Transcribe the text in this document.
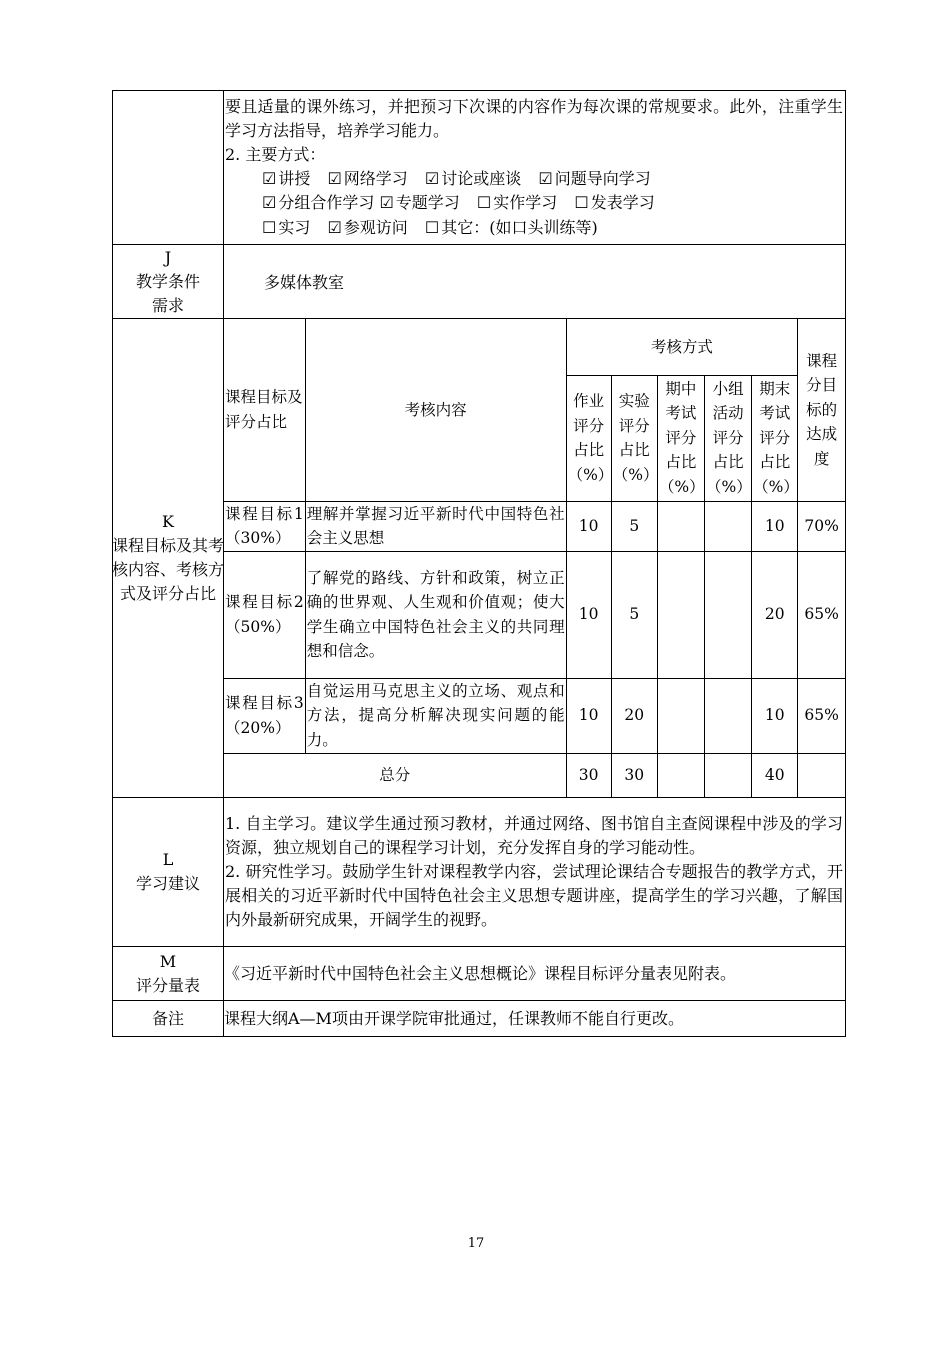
要且适量的课外练习，并把预习下次课的内容作为每次课的常规要求。此外，注重学生学习方法指导，培养学习能力。
2. 主要方式：
☑ 讲授 ☑ 网络学习 ☑ 讨论或座谈 ☑ 问题导向学习
☑ 分组合作学习 ☑ 专题学习 ☐ 实作学习 ☐ 发表学习
☐ 实习 ☑ 参观访问 ☐ 其它：(如口头训练等)

J
教学条件
需求
	多媒体教室

K
课程目标及其考核内容、考核方式及评分占比

课程目标及评分占比	考核内容	考核方式	课程分目标的达成度
作业评分占比（%）	实验评分占比（%）	期中考试评分占比（%）	小组活动评分占比（%）	期末考试评分占比（%）
课程目标1（30%）	理解并掌握习近平新时代中国特色社会主义思想	10	5			10	70%
课程目标2（50%）	了解党的路线、方针和政策，树立正确的世界观、人生观和价值观；使大学生确立中国特色社会主义的共同理想和信念。	10	5			20	65%
课程目标3（20%）	自觉运用马克思主义的立场、观点和方法，提高分析解决现实问题的能力。	10	20			10	65%
总分	30	30			40	

L
学习建议

1. 自主学习。建议学生通过预习教材，并通过网络、图书馆自主查阅课程中涉及的学习资源，独立规划自己的课程学习计划，充分发挥自身的学习能动性。
2. 研究性学习。鼓励学生针对课程教学内容，尝试理论课结合专题报告的教学方式，开展相关的习近平新时代中国特色社会主义思想专题讲座，提高学生的学习兴趣，了解国内外最新研究成果，开阔学生的视野。

M
评分量表
	《习近平新时代中国特色社会主义思想概论》课程目标评分量表见附表。
备注	课程大纲A—M项由开课学院审批通过，任课教师不能自行更改。
17
